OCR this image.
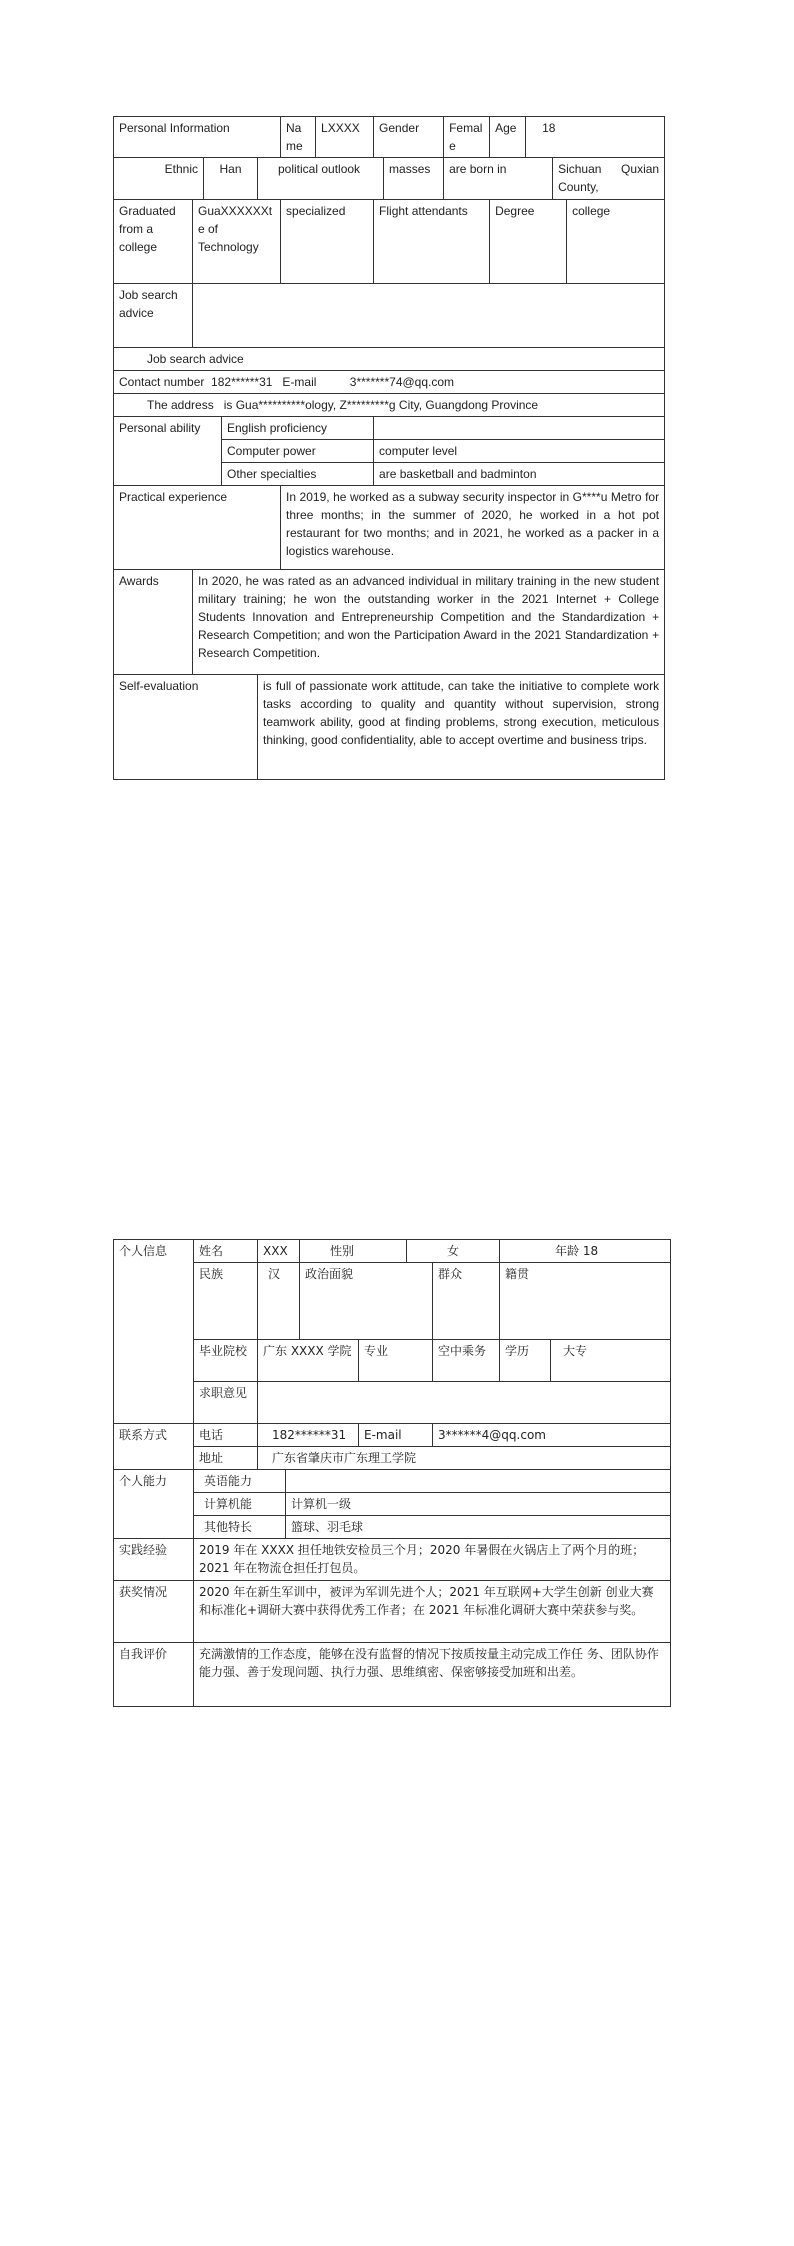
Personal Information					Name	LXXXX	Gender		Female	Age	18		
Ethnic		Han		political outlook				masses	are born in			Sichuan Quxian County,	
Graduated from a college	GuaXXXXXXte of Technology				specialized		Flight attendants			Degree			college
Job search advice													
Job search advice													
Contact number  182******31   E-mail          3*******74@qq.com													
The address   is Gua**********ology, Z*********g City, Guangdong Province													
Personal ability			English proficiency										
			Computer power				computer level						
			Other specialties				are basketball and badminton						
Practical experience					In 2019, he worked as a subway security inspector in G****u Metro for three months; in the summer of 2020, he worked in a hot pot restaurant for two months; and in 2021, he worked as a packer in a logistics warehouse.								
Awards	In 2020, he was rated as an advanced individual in military training in the new student military training; he won the outstanding worker in the 2021 Internet + College Students Innovation and Entrepreneurship Competition and the Standardization + Research Competition; and won the Participation Award in the 2021 Standardization + Research Competition.												
Self-evaluation				is full of passionate work attitude, can take the initiative to complete work tasks according to quality and quantity without supervision, strong teamwork ability, good at finding problems, strong execution, meticulous thinking, good confidentiality, able to accept overtime and business trips.									
个人信息	姓名	XXX		性别		女		年龄 18		
	民族	汉		政治面貌			群众	籍贯	
	毕业院校	广东 XXXX 学院			专业		空中乘务	学历	大专	
	求职意见									
联系方式	电话	182******31			E-mail		3******4@qq.com			
	地址	广东省肇庆市广东理工学院								
个人能力	英语能力									
	计算机能		计算机一级							
	其他特长		篮球、羽毛球							
实践经验	2019 年在 XXXX 担任地铁安检员三个月；2020 年暑假在火锅店上了两个月的班；2021 年在物流仓担任打包员。									
获奖情况	2020 年在新生军训中，被评为军训先进个人；2021 年互联网+大学生创新 创业大赛和标准化+调研大赛中获得优秀工作者；在 2021 年标准化调研大赛中荣获参与奖。									
自我评价	充满激情的工作态度，能够在没有监督的情况下按质按量主动完成工作任 务、团队协作能力强、善于发现问题、执行力强、思维缜密、保密够接受加班和出差。									
